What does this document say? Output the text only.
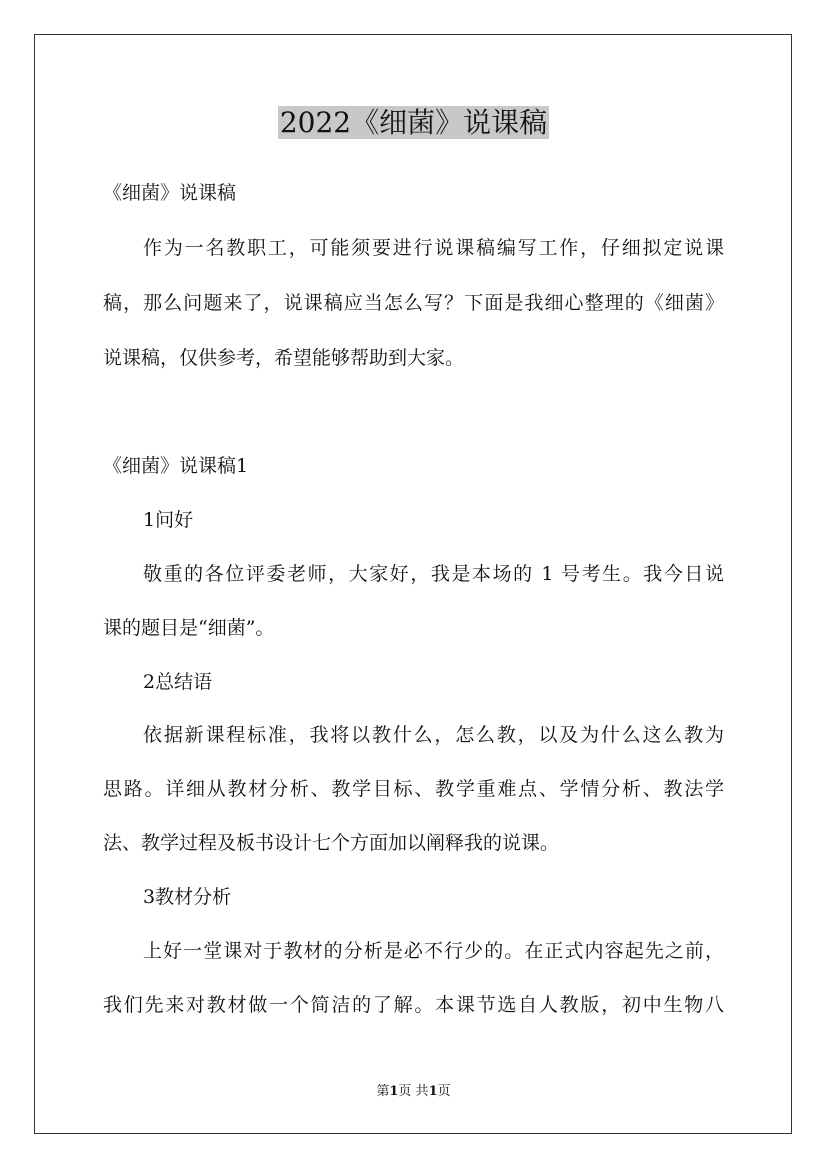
2022《细菌》说课稿

《细菌》说课稿

作为一名教职工，可能须要进行说课稿编写工作，仔细拟定说课

稿，那么问题来了，说课稿应当怎么写？下面是我细心整理的《细菌》

说课稿，仅供参考，希望能够帮助到大家。

《细菌》说课稿1

1问好

敬重的各位评委老师，大家好，我是本场的 1 号考生。我今日说

课的题目是“细菌”。

2总结语

依据新课程标准，我将以教什么，怎么教，以及为什么这么教为

思路。详细从教材分析、教学目标、教学重难点、学情分析、教法学

法、教学过程及板书设计七个方面加以阐释我的说课。

3教材分析

上好一堂课对于教材的分析是必不行少的。在正式内容起先之前，

我们先来对教材做一个简洁的了解。本课节选自人教版，初中生物八

第1页 共1页
